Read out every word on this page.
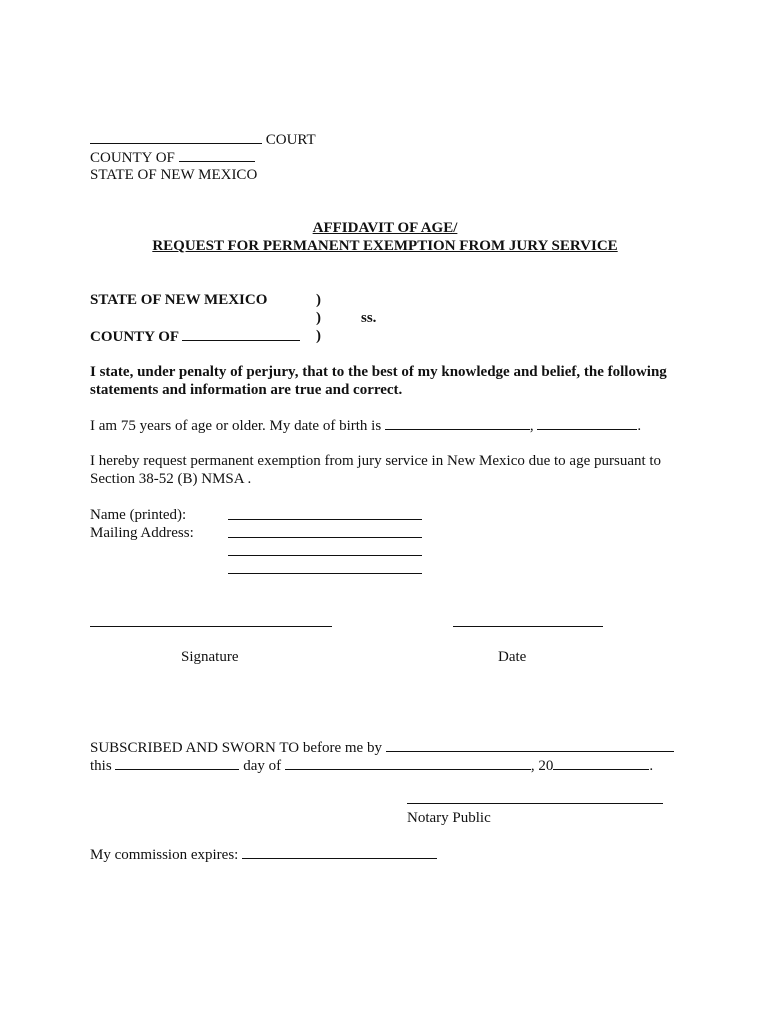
COURT
COUNTY OF
STATE OF NEW MEXICO
AFFIDAVIT OF AGE/
REQUEST FOR PERMANENT EXEMPTION FROM JURY SERVICE
STATE OF NEW MEXICO	)
)	ss.
COUNTY OF	)
I state, under penalty of perjury, that to the best of my knowledge and belief, the following statements and information are true and correct.
I am 75 years of age or older. My date of birth is	,	.
I hereby request permanent exemption from jury service in New Mexico due to age pursuant to Section 38-52 (B) NMSA .
Name (printed):
Mailing Address:
Signature	Date
SUBSCRIBED AND SWORN TO before me by
this	day of	, 20	.
Notary Public
My commission expires:
